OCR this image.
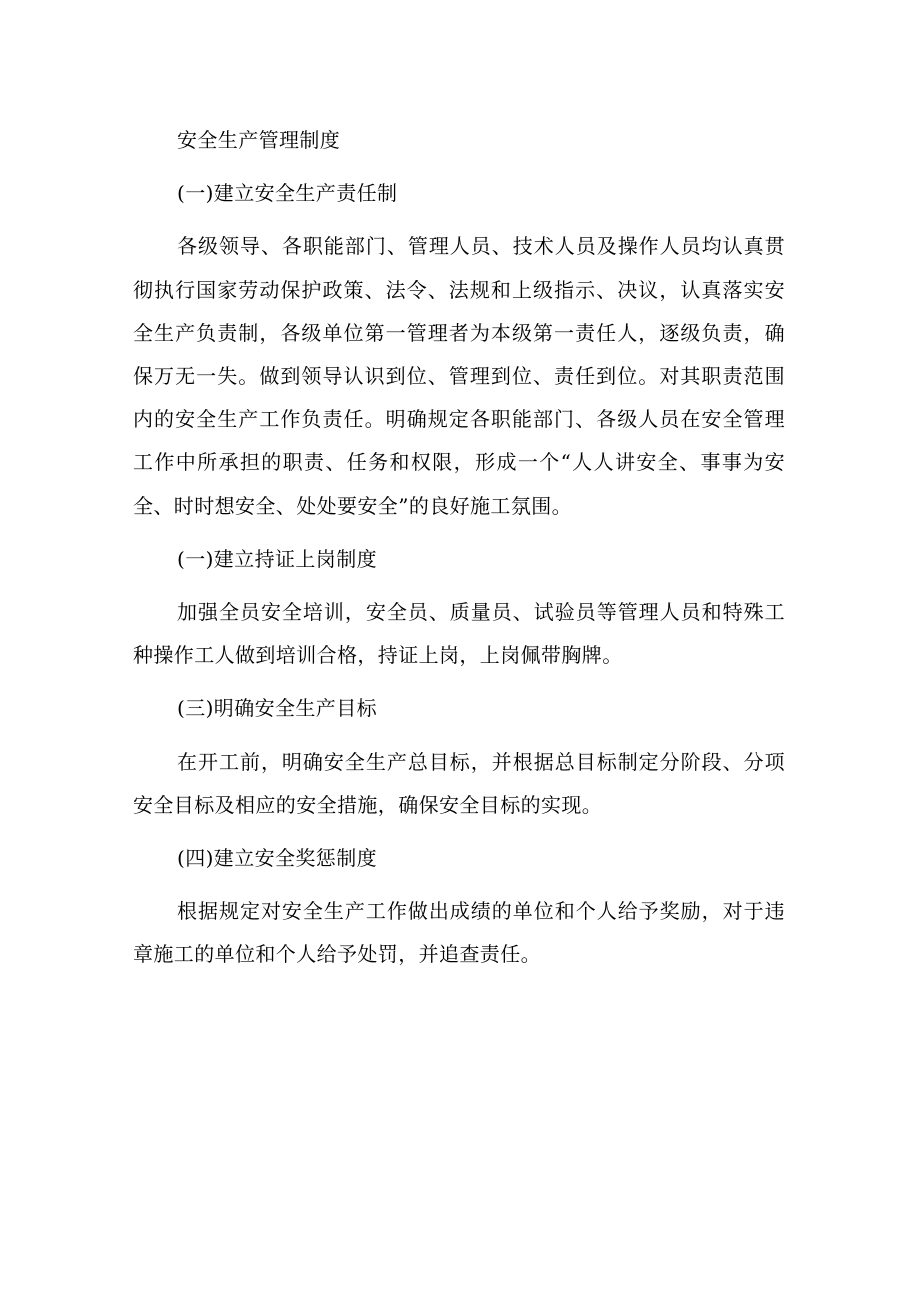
安全生产管理制度

(一)建立安全生产责任制

各级领导、各职能部门、管理人员、技术人员及操作人员均认真贯彻执行国家劳动保护政策、法令、法规和上级指示、决议，认真落实安全生产负责制，各级单位第一管理者为本级第一责任人，逐级负责，确保万无一失。做到领导认识到位、管理到位、责任到位。对其职责范围内的安全生产工作负责任。明确规定各职能部门、各级人员在安全管理工作中所承担的职责、任务和权限，形成一个“人人讲安全、事事为安全、时时想安全、处处要安全”的良好施工氛围。

(一)建立持证上岗制度

加强全员安全培训，安全员、质量员、试验员等管理人员和特殊工种操作工人做到培训合格，持证上岗，上岗佩带胸牌。

(三)明确安全生产目标

在开工前，明确安全生产总目标，并根据总目标制定分阶段、分项安全目标及相应的安全措施，确保安全目标的实现。

(四)建立安全奖惩制度

根据规定对安全生产工作做出成绩的单位和个人给予奖励，对于违章施工的单位和个人给予处罚，并追查责任。
